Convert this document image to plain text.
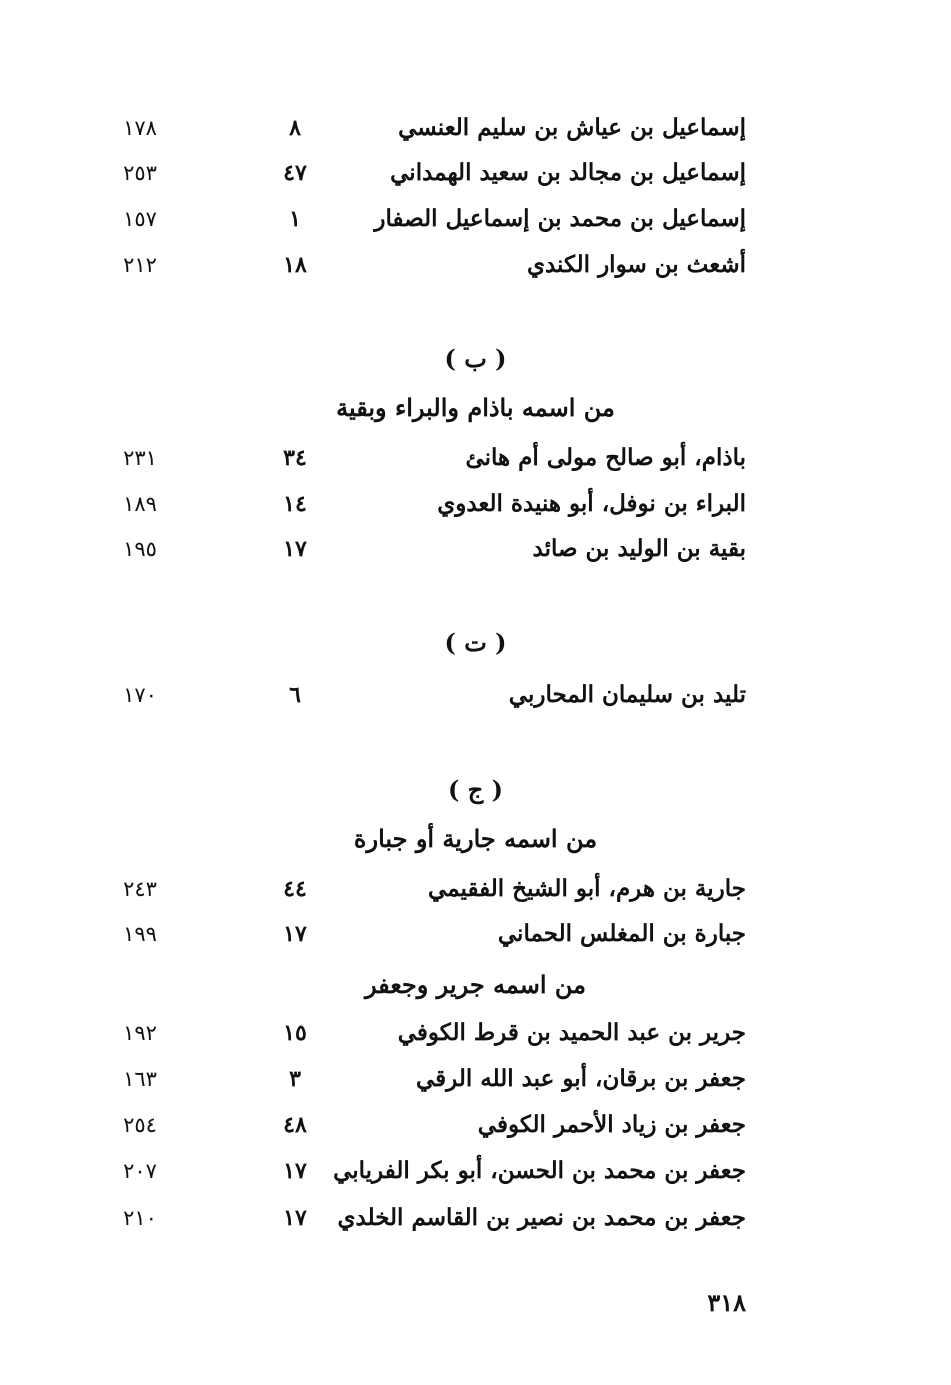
إسماعيل بن عياش بن سليم العنسي
٨
١٧٨
إسماعيل بن مجالد بن سعيد الهمداني
٤٧
٢٥٣
إسماعيل بن محمد بن إسماعيل الصفار
١
١٥٧
أشعث بن سوار الكندي
١٨
٢١٢
( ب )
من اسمه باذام والبراء وبقية
باذام، أبو صالح مولى أم هانئ
٣٤
٢٣١
البراء بن نوفل، أبو هنيدة العدوي
١٤
١٨٩
بقية بن الوليد بن صائد
١٧
١٩٥
( ت )
تليد بن سليمان المحاربي
٦
١٧٠
( ج )
من اسمه جارية أو جبارة
جارية بن هرم، أبو الشيخ الفقيمي
٤٤
٢٤٣
جبارة بن المغلس الحماني
١٧
١٩٩
من اسمه جرير وجعفر
جرير بن عبد الحميد بن قرط الكوفي
١٥
١٩٢
جعفر بن برقان، أبو عبد الله الرقي
٣
١٦٣
جعفر بن زياد الأحمر الكوفي
٤٨
٢٥٤
جعفر بن محمد بن الحسن، أبو بكر الفريابي
١٧
٢٠٧
جعفر بن محمد بن نصير بن القاسم الخلدي
١٧
٢١٠
٣١٨
